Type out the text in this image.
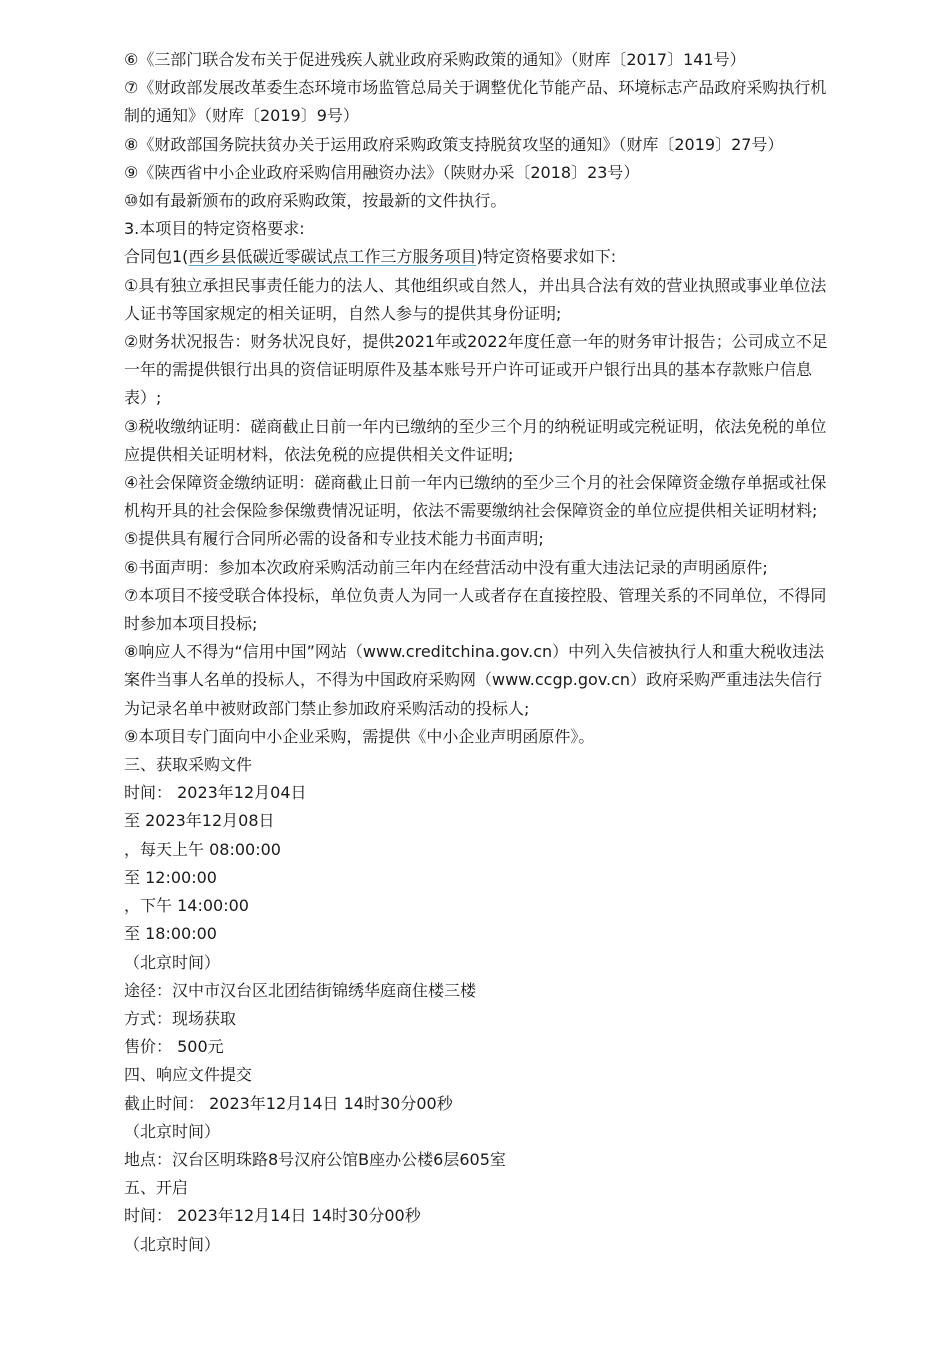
⑥《三部门联合发布关于促进残疾人就业政府采购政策的通知》（财库〔2017〕141号）

⑦《财政部发展改革委生态环境市场监管总局关于调整优化节能产品、环境标志产品政府采购执行机制的通知》（财库〔2019〕9号）

⑧《财政部国务院扶贫办关于运用政府采购政策支持脱贫攻坚的通知》（财库〔2019〕27号）

⑨《陕西省中小企业政府采购信用融资办法》（陕财办采〔2018〕23号）

⑩如有最新颁布的政府采购政策，按最新的文件执行。

3.本项目的特定资格要求:

合同包1(西乡县低碳近零碳试点工作三方服务项目)特定资格要求如下:

①具有独立承担民事责任能力的法人、其他组织或自然人，并出具合法有效的营业执照或事业单位法人证书等国家规定的相关证明，自然人参与的提供其身份证明;

②财务状况报告：财务状况良好，提供2021年或2022年度任意一年的财务审计报告；公司成立不足一年的需提供银行出具的资信证明原件及基本账号开户许可证或开户银行出具的基本存款账户信息表）;

③税收缴纳证明：磋商截止日前一年内已缴纳的至少三个月的纳税证明或完税证明，依法免税的单位应提供相关证明材料，依法免税的应提供相关文件证明;

④社会保障资金缴纳证明：磋商截止日前一年内已缴纳的至少三个月的社会保障资金缴存单据或社保机构开具的社会保险参保缴费情况证明，依法不需要缴纳社会保障资金的单位应提供相关证明材料;

⑤提供具有履行合同所必需的设备和专业技术能力书面声明;

⑥书面声明：参加本次政府采购活动前三年内在经营活动中没有重大违法记录的声明函原件;

⑦本项目不接受联合体投标，单位负责人为同一人或者存在直接控股、管理关系的不同单位，不得同时参加本项目投标;

⑧响应人不得为“信用中国”网站（www.creditchina.gov.cn）中列入失信被执行人和重大税收违法案件当事人名单的投标人，不得为中国政府采购网（www.ccgp.gov.cn）政府采购严重违法失信行为记录名单中被财政部门禁止参加政府采购活动的投标人;

⑨本项目专门面向中小企业采购，需提供《中小企业声明函原件》。

三、获取采购文件

时间： 2023年12月04日

至 2023年12月08日

，每天上午 08:00:00

至 12:00:00

，下午 14:00:00

至 18:00:00

（北京时间）

途径：汉中市汉台区北团结街锦绣华庭商住楼三楼

方式：现场获取

售价： 500元

四、响应文件提交

截止时间： 2023年12月14日 14时30分00秒

（北京时间）

地点：汉台区明珠路8号汉府公馆B座办公楼6层605室

五、开启

时间： 2023年12月14日 14时30分00秒

（北京时间）
